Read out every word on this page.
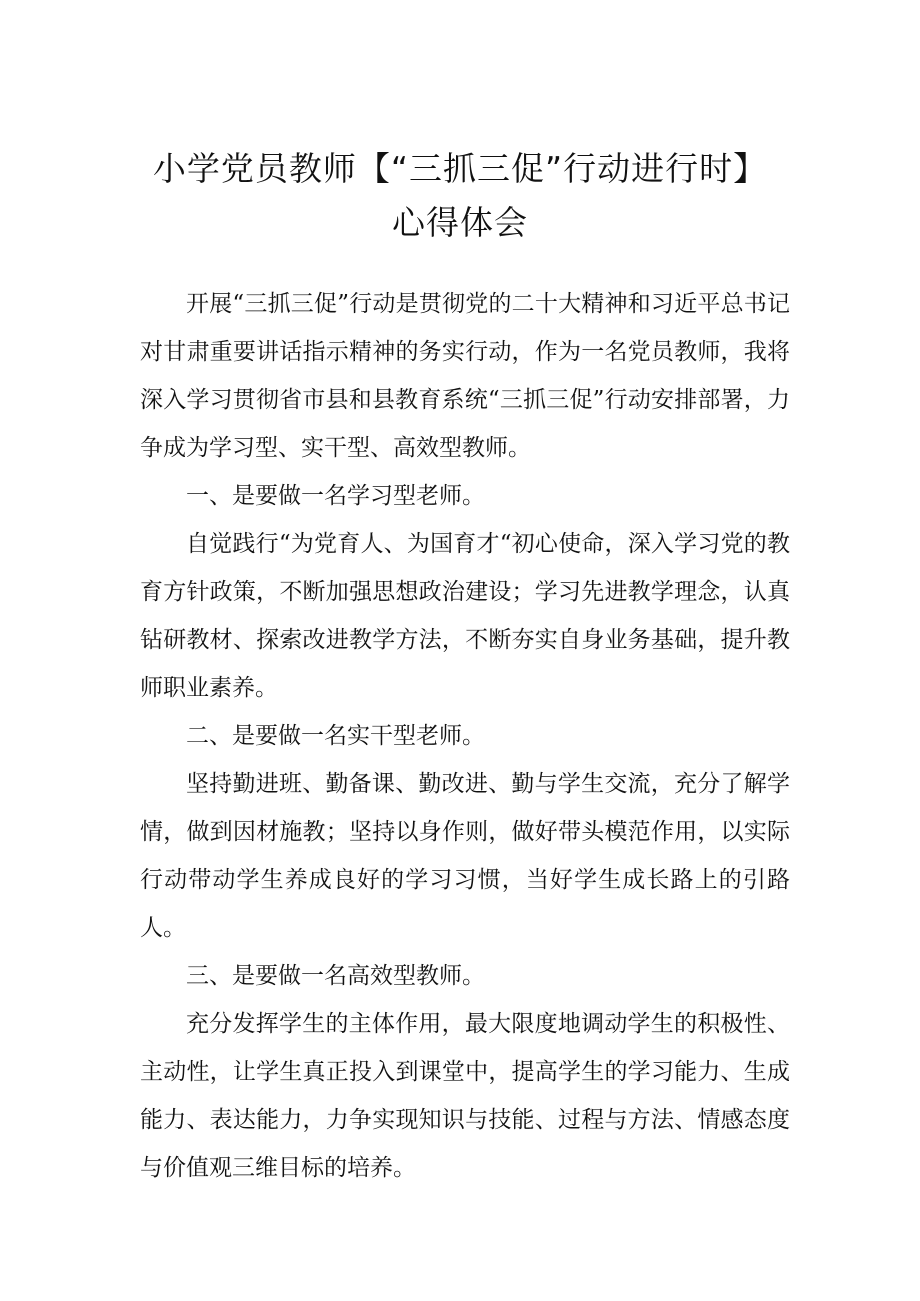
小学党员教师【“三抓三促”行动进行时】
心得体会

开展“三抓三促”行动是贯彻党的二十大精神和习近平总书记对甘肃重要讲话指示精神的务实行动，作为一名党员教师，我将深入学习贯彻省市县和县教育系统“三抓三促”行动安排部署，力争成为学习型、实干型、高效型教师。

一、是要做一名学习型老师。

自觉践行“为党育人、为国育才“初心使命，深入学习党的教育方针政策，不断加强思想政治建设；学习先进教学理念，认真钻研教材、探索改进教学方法，不断夯实自身业务基础，提升教师职业素养。

二、是要做一名实干型老师。

坚持勤进班、勤备课、勤改进、勤与学生交流，充分了解学情，做到因材施教；坚持以身作则，做好带头模范作用，以实际行动带动学生养成良好的学习习惯，当好学生成长路上的引路人。

三、是要做一名高效型教师。

充分发挥学生的主体作用，最大限度地调动学生的积极性、主动性，让学生真正投入到课堂中，提高学生的学习能力、生成能力、表达能力，力争实现知识与技能、过程与方法、情感态度与价值观三维目标的培养。
